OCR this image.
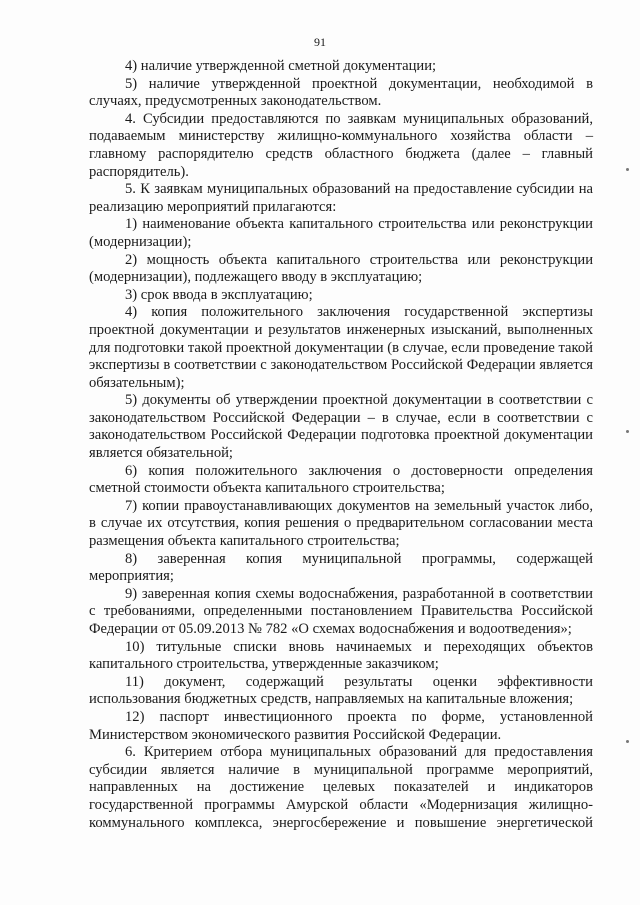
91

4) наличие утвержденной сметной документации;

5) наличие утвержденной проектной документации, необходимой в случаях, предусмотренных законодательством.

4. Субсидии предоставляются по заявкам муниципальных образований, подаваемым министерству жилищно-коммунального хозяйства области – главному распорядителю средств областного бюджета (далее – главный распорядитель).

5. К заявкам муниципальных образований на предоставление субсидии на реализацию мероприятий прилагаются:

1) наименование объекта капитального строительства или реконструкции (модернизации);

2) мощность объекта капитального строительства или реконструкции (модернизации), подлежащего вводу в эксплуатацию;

3) срок ввода в эксплуатацию;

4) копия положительного заключения государственной экспертизы проектной документации и результатов инженерных изысканий, выполненных для подготовки такой проектной документации (в случае, если проведение такой экспертизы в соответствии с законодательством Российской Федерации является обязательным);

5) документы об утверждении проектной документации в соответствии с законодательством Российской Федерации – в случае, если в соответствии с законодательством Российской Федерации подготовка проектной документации является обязательной;

6) копия положительного заключения о достоверности определения сметной стоимости объекта капитального строительства;

7) копии правоустанавливающих документов на земельный участок либо, в случае их отсутствия, копия решения о предварительном согласовании места размещения объекта капитального строительства;

8) заверенная копия муниципальной программы, содержащей мероприятия;

9) заверенная копия схемы водоснабжения, разработанной в соответствии с требованиями, определенными постановлением Правительства Российской Федерации от 05.09.2013 № 782 «О схемах водоснабжения и водоотведения»;

10) титульные списки вновь начинаемых и переходящих объектов капитального строительства, утвержденные заказчиком;

11) документ, содержащий результаты оценки эффективности использования бюджетных средств, направляемых на капитальные вложения;

12) паспорт инвестиционного проекта по форме, установленной Министерством экономического развития Российской Федерации.

6. Критерием отбора муниципальных образований для предоставления субсидии является наличие в муниципальной программе мероприятий, направленных на достижение целевых показателей и индикаторов государственной программы Амурской области «Модернизация жилищно-коммунального комплекса, энергосбережение и повышение энергетической
